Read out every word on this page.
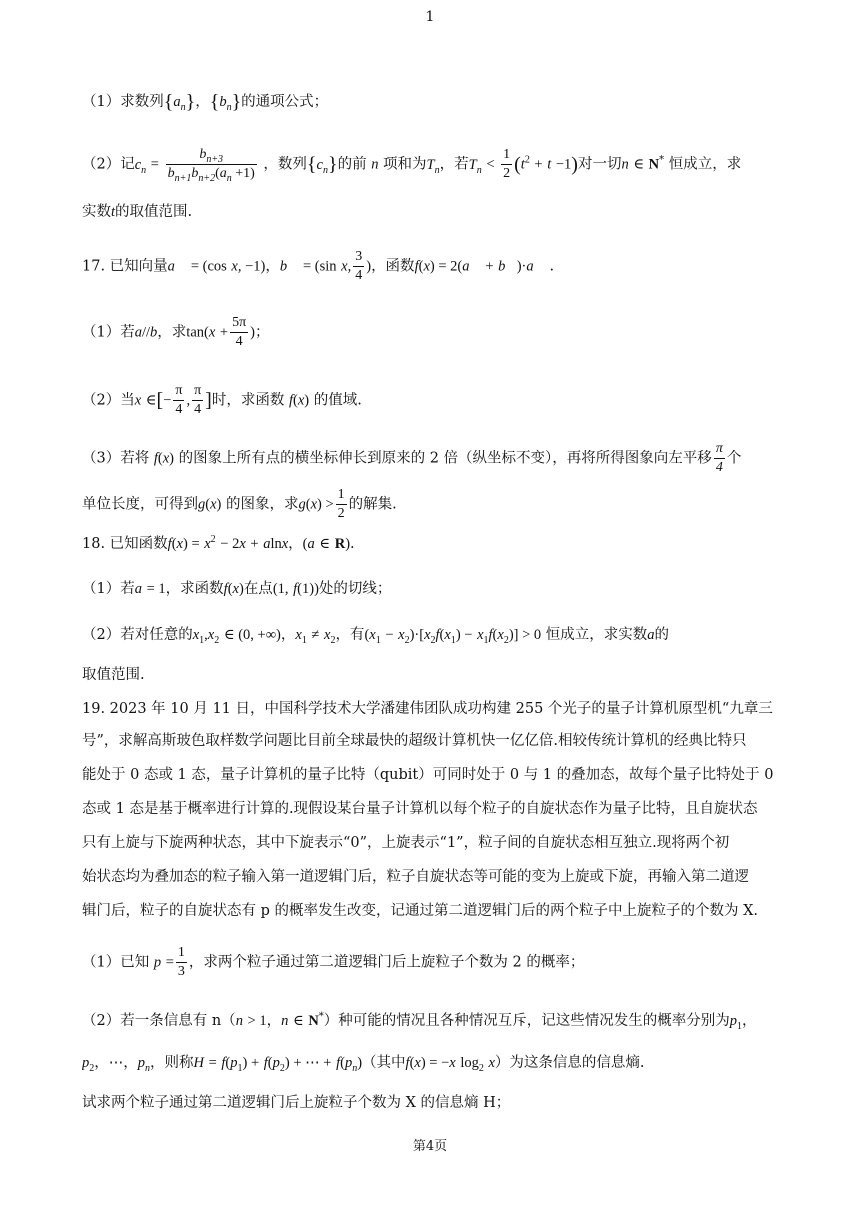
1
（1）求数列$\{a_n\}$，$\{b_n\}$的通项公式；
（2）记$c_n = \frac{b_{n+3}}{b_{n+1}b_{n+2}(a_n +1)}$ ，数列$\{c_n\}$的前 n 项和为$T_n$，若$T_n < \frac{1}{2} (t^2 + t -1)$对一切n ∈ N* 恒成立，求
实数t的取值范围.
17. 已知向量a⃗ = (cos x, −1)，b⃗ = (sin x, $\frac{3}{4}$ )，函数f(x) = 2(a⃗ + b⃗)·a⃗ .
（1）若a//b，求$\tan(x + \frac{5\pi}{4}$ )；
（2）当x ∈[− $\frac{\pi}{4}$ , $\frac{\pi}{4}$ ]时，求函数 f(x) 的值域.
（3）若将 f(x) 的图象上所有点的横坐标伸长到原来的 2 倍（纵坐标不变），再将所得图象向左平移 $\frac{\pi}{4}$ 个
单位长度，可得到g(x) 的图象，求$g(x) > \frac{1}{2}$ 的解集.
18. 已知函数$f(x) = x^2 - 2x + alnx$，(a ∈ R).
（1）若a = 1，求函数f(x)在点(1, f(1))处的切线；
（2）若对任意的$x_1,x_2$ ∈ (0, +∞)，$x_1 \ne x_2$，有$(x_1 - x_2)\cdot[x_2f(x_1) - x_1f(x_2)] > 0$ 恒成立，求实数a的
取值范围.
19. 2023 年 10 月 11 日，中国科学技术大学潘建伟团队成功构建 255 个光子的量子计算机原型机“九章三
号”，求解高斯玻色取样数学问题比目前全球最快的超级计算机快一亿亿倍.相较传统计算机的经典比特只
能处于 0 态或 1 态，量子计算机的量子比特（qubit）可同时处于 0 与 1 的叠加态，故每个量子比特处于 0
态或 1 态是基于概率进行计算的.现假设某台量子计算机以每个粒子的自旋状态作为量子比特，且自旋状态
只有上旋与下旋两种状态，其中下旋表示“0”，上旋表示“1”，粒子间的自旋状态相互独立.现将两个初
始状态均为叠加态的粒子输入第一道逻辑门后，粒子自旋状态等可能的变为上旋或下旋，再输入第二道逻
辑门后，粒子的自旋状态有 p 的概率发生改变，记通过第二道逻辑门后的两个粒子中上旋粒子的个数为 X.
（1）已知 $p = \frac{1}{3}$ ，求两个粒子通过第二道逻辑门后上旋粒子个数为 2 的概率；
（2）若一条信息有 n（n > 1，n ∈ N*）种可能的情况且各种情况互斥，记这些情况发生的概率分别为$p_1$，
$p_2$，⋯，$p_n$，则称$H = f(p_1) + f(p_2)$ + ⋯ + $f(p_n)$（其中f(x) = −x $\log_2 x$）为这条信息的信息熵.
试求两个粒子通过第二道逻辑门后上旋粒子个数为 X 的信息熵 H；
第4页
